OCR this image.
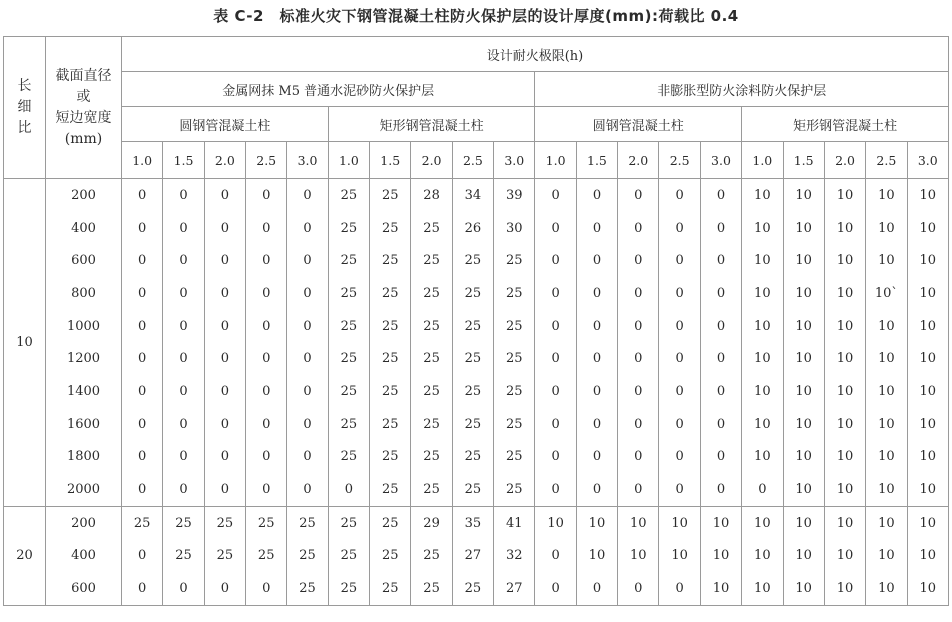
表 C-2　标准火灾下钢管混凝土柱防火保护层的设计厚度(mm):荷载比 0.4
长
细
比	截面直径
或
短边宽度
(mm)	设计耐火极限(h)																			
		金属网抹 M5 普通水泥砂防火保护层										非膨胀型防火涂料防火保护层									
		圆钢管混凝土柱					矩形钢管混凝土柱					圆钢管混凝土柱					矩形钢管混凝土柱				
		1.0	1.5	2.0	2.5	3.0	1.0	1.5	2.0	2.5	3.0	1.0	1.5	2.0	2.5	3.0	1.0	1.5	2.0	2.5	3.0
10	200	0	0	0	0	0	25	25	28	34	39	0	0	0	0	0	10	10	10	10	10
	400	0	0	0	0	0	25	25	25	26	30	0	0	0	0	0	10	10	10	10	10
	600	0	0	0	0	0	25	25	25	25	25	0	0	0	0	0	10	10	10	10	10
	800	0	0	0	0	0	25	25	25	25	25	0	0	0	0	0	10	10	10	10`	10
	1000	0	0	0	0	0	25	25	25	25	25	0	0	0	0	0	10	10	10	10	10
	1200	0	0	0	0	0	25	25	25	25	25	0	0	0	0	0	10	10	10	10	10
	1400	0	0	0	0	0	25	25	25	25	25	0	0	0	0	0	10	10	10	10	10
	1600	0	0	0	0	0	25	25	25	25	25	0	0	0	0	0	10	10	10	10	10
	1800	0	0	0	0	0	25	25	25	25	25	0	0	0	0	0	10	10	10	10	10
	2000	0	0	0	0	0	0	25	25	25	25	0	0	0	0	0	0	10	10	10	10
20	200	25	25	25	25	25	25	25	29	35	41	10	10	10	10	10	10	10	10	10	10
	400	0	25	25	25	25	25	25	25	27	32	0	10	10	10	10	10	10	10	10	10
	600	0	0	0	0	25	25	25	25	25	27	0	0	0	0	10	10	10	10	10	10
